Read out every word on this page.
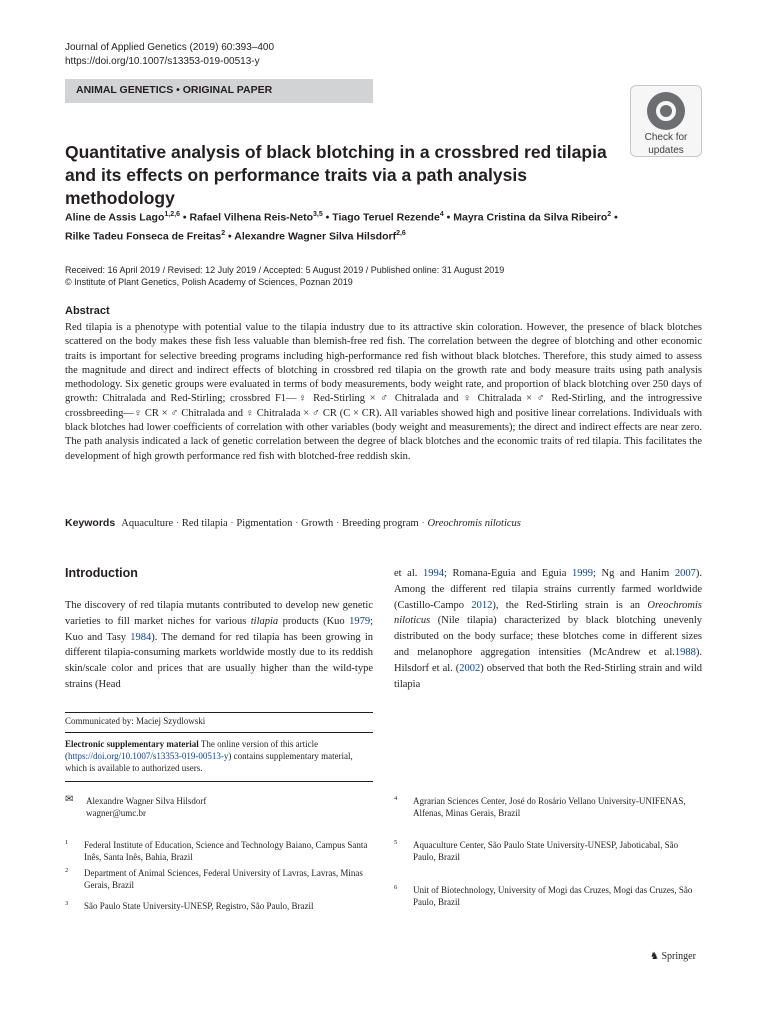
Journal of Applied Genetics (2019) 60:393–400
https://doi.org/10.1007/s13353-019-00513-y
ANIMAL GENETICS • ORIGINAL PAPER
Check for
updates
Quantitative analysis of black blotching in a crossbred red tilapia
and its effects on performance traits via a path analysis methodology
Aline de Assis Lago$^{1,2,6}$ • Rafael Vilhena Reis-Neto$^{3,5}$ • Tiago Teruel Rezende$^4$ • Mayra Cristina da Silva Ribeiro$^2$ •
Rilke Tadeu Fonseca de Freitas$^2$ • Alexandre Wagner Silva Hilsdorf$^{2,6}$
Received: 16 April 2019 / Revised: 12 July 2019 / Accepted: 5 August 2019 / Published online: 31 August 2019
© Institute of Plant Genetics, Polish Academy of Sciences, Poznan 2019
Abstract
Red tilapia is a phenotype with potential value to the tilapia industry due to its attractive skin coloration. However, the presence of black blotches scattered on the body makes these fish less valuable than blemish-free red fish. The correlation between the degree of blotching and other economic traits is important for selective breeding programs including high-performance red fish without black blotches. Therefore, this study aimed to assess the magnitude and direct and indirect effects of blotching in crossbred red tilapia on the growth rate and body measure traits using path analysis methodology. Six genetic groups were evaluated in terms of body measurements, body weight rate, and proportion of black blotching over 250 days of growth: Chitralada and Red-Stirling; crossbred F1—♀ Red-Stirling × ♂ Chitralada and ♀ Chitralada × ♂ Red-Stirling, and the introgressive crossbreeding—♀ CR × ♂ Chitralada and ♀ Chitralada × ♂ CR (C × CR). All variables showed high and positive linear correlations. Individuals with black blotches had lower coefficients of correlation with other variables (body weight and measurements); the direct and indirect effects are near zero. The path analysis indicated a lack of genetic correlation between the degree of black blotches and the economic traits of red tilapia. This facilitates the development of high growth performance red fish with blotched-free reddish skin.
Keywords Aquaculture · Red tilapia · Pigmentation · Growth · Breeding program · Oreochromis niloticus
Introduction
The discovery of red tilapia mutants contributed to develop new genetic varieties to fill market niches for various tilapia products (Kuo 1979; Kuo and Tasy 1984). The demand for red tilapia has been growing in different tilapia-consuming markets worldwide mostly due to its reddish skin/scale color and prices that are usually higher than the wild-type strains (Head
et al. 1994; Romana-Eguia and Eguia 1999; Ng and Hanim 2007). Among the different red tilapia strains currently farmed worldwide (Castillo-Campo 2012), the Red-Stirling strain is an Oreochromis niloticus (Nile tilapia) characterized by black blotching unevenly distributed on the body surface; these blotches come in different sizes and melanophore aggregation intensities (McAndrew et al.1988). Hilsdorf et al. (2002) observed that both the Red-Stirling strain and wild tilapia
Communicated by: Maciej Szydlowski
Electronic supplementary material The online version of this article (https://doi.org/10.1007/s13353-019-00513-y) contains supplementary material, which is available to authorized users.
✉ Alexandre Wagner Silva Hilsdorf
wagner@umc.br
1 Federal Institute of Education, Science and Technology Baiano, Campus Santa Inês, Santa Inês, Bahia, Brazil
2 Department of Animal Sciences, Federal University of Lavras, Lavras, Minas Gerais, Brazil
3 São Paulo State University-UNESP, Registro, São Paulo, Brazil
4 Agrarian Sciences Center, José do Rosário Vellano University-UNIFENAS, Alfenas, Minas Gerais, Brazil
5 Aquaculture Center, São Paulo State University-UNESP, Jaboticabal, São Paulo, Brazil
6 Unit of Biotechnology, University of Mogi das Cruzes, Mogi das Cruzes, São Paulo, Brazil
♞ Springer
